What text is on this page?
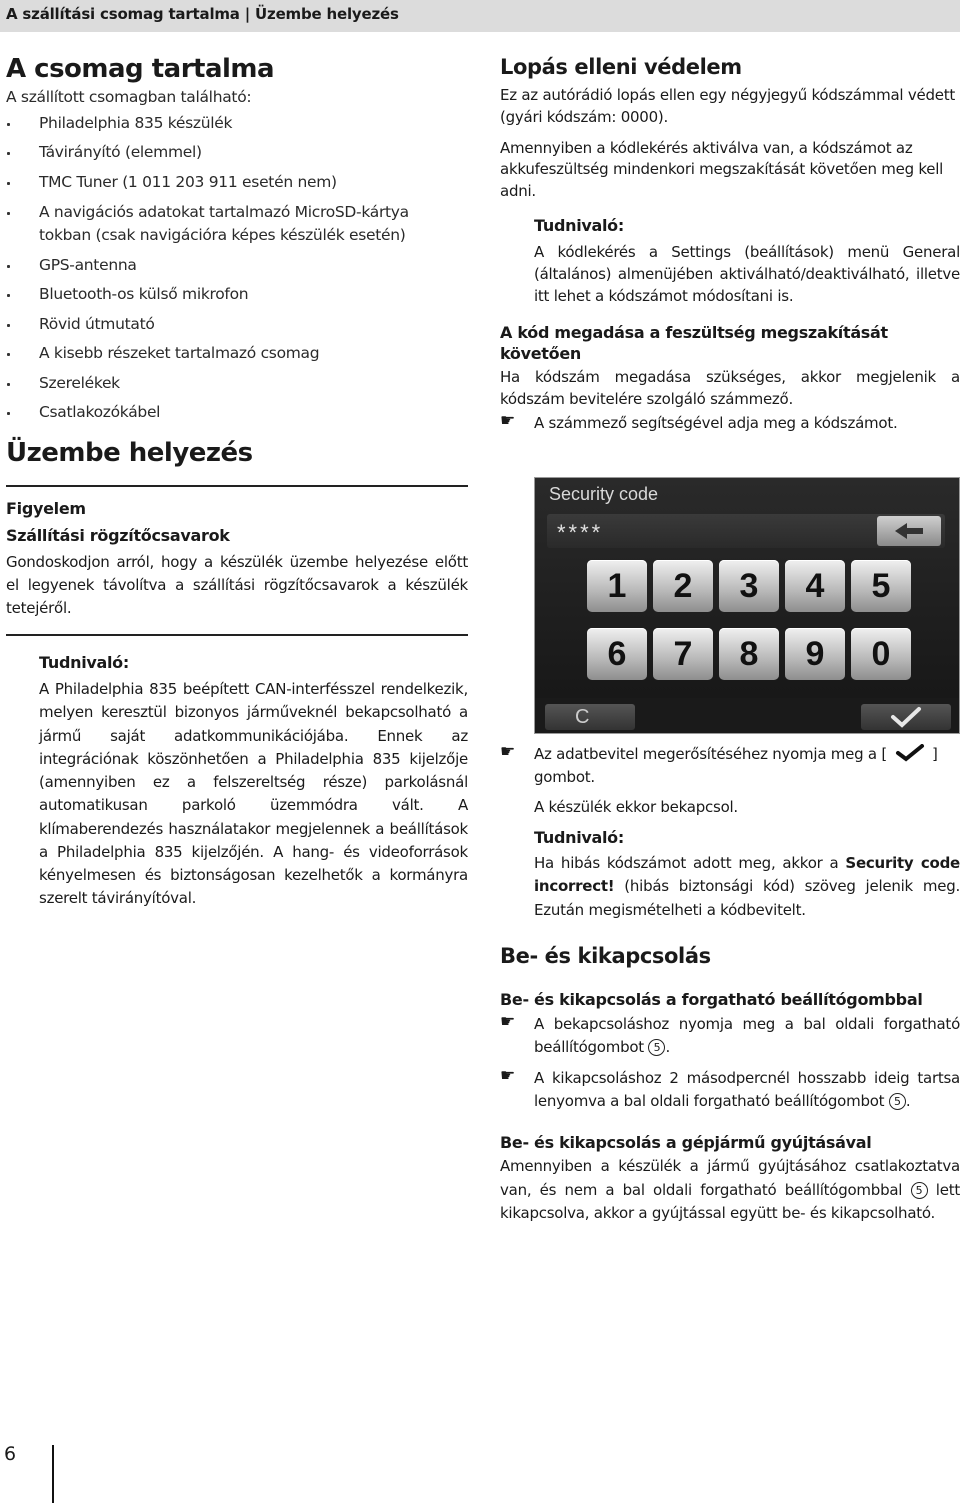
A szállítási csomag tartalma | Üzembe helyezés
A csomag tartalma
A szállított csomagban található:
Philadelphia 835 készülék
Távirányító (elemmel)
TMC Tuner (1 011 203 911 esetén nem)
A navigációs adatokat tartalmazó MicroSD-kártya tokban (csak navigációra képes készülék esetén)
GPS-antenna
Bluetooth-os külső mikrofon
Rövid útmutató
A kisebb részeket tartalmazó csomag
Szerelékek
Csatlakozókábel
Üzembe helyezés
Figyelem
Szállítási rögzítőcsavarok

Gondoskodjon arról, hogy a készülék üzembe helyezése előtt el legyenek távolítva a szállítási rögzítőcsavarok a készülék tetejéről.

Tudnivaló:

A Philadelphia 835 beépített CAN-interfésszel rendelkezik, melyen keresztül bizonyos járműveknél bekapcsolható a jármű saját adatkommunikációjába. Ennek az integrációnak köszönhetően a Philadelphia 835 kijelzője (amennyiben ez a felszereltség része) parkolásnál automatikusan parkoló üzemmódra vált. A klímaberendezés használatakor megjelennek a beállítások a Philadelphia 835 kijelzőjén. A hang- és videoforrások kényelmesen és biztonságosan kezelhetők a kormányra szerelt távirányítóval.

Lopás elleni védelem

Ez az autórádió lopás ellen egy négyjegyű kódszámmal védett (gyári kódszám: 0000).

Amennyiben a kódlekérés aktiválva van, a kódszámot az akkufeszültség mindenkori megszakítását követően meg kell adni.

Tudnivaló:

A kódlekérés a Settings (beállítások) menü General (általános) almenüjében aktiválható/deaktiválható, illetve itt lehet a kódszámot módosítani is.

A kód megadása a feszültség megszakítását követően

Ha kódszám megadása szükséges, akkor megjelenik a kódszám bevitelére szolgáló számmező.

☛ A számmező segítségével adja meg a kódszámot.

Security code
****
1	2	3	4	5
6	7	8	9	0
C
☛ Az adatbevitel megerősítéséhez nyomja meg a [	] gombot.

A készülék ekkor bekapcsol.

Tudnivaló:

Ha hibás kódszámot adott meg, akkor a Security code incorrect! (hibás biztonsági kód) szöveg jelenik meg. Ezután megismételheti a kódbevitelt.

Be- és kikapcsolás
Be- és kikapcsolás a forgatható beállítógombbal
☛ A bekapcsoláshoz nyomja meg a bal oldali forgatható beállítógombot 5 .

☛ A kikapcsoláshoz 2 másodpercnél hosszabb ideig tartsa lenyomva a bal oldali forgatható beállítógombot 5 .

Be- és kikapcsolás a gépjármű gyújtásával

Amennyiben a készülék a jármű gyújtásához csatlakoztatva van, és nem a bal oldali forgatható beállítógombbal 5 lett kikapcsolva, akkor a gyújtással együtt be- és kikapcsolható.

6
